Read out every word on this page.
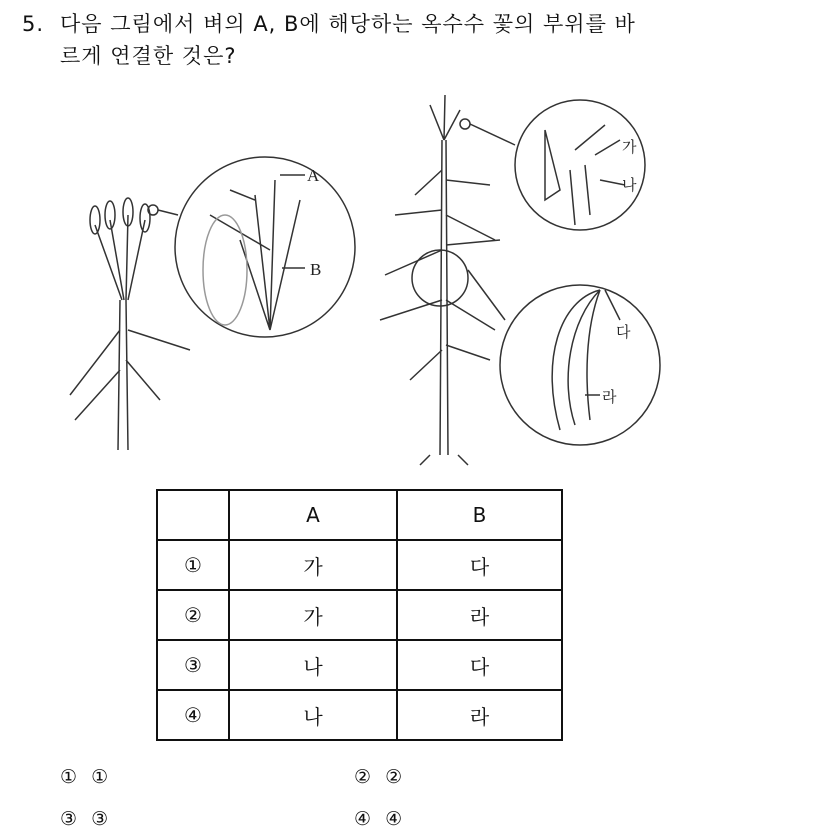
5. 다음 그림에서 벼의 A, B에 해당하는 옥수수 꽃의 부위를 바
르게 연결한 것은?
A
B
가
나
다
라
	A	B
①	가	다
②	가	라
③	나	다
④	나	라
① ①	② ②
③ ③	④ ④
